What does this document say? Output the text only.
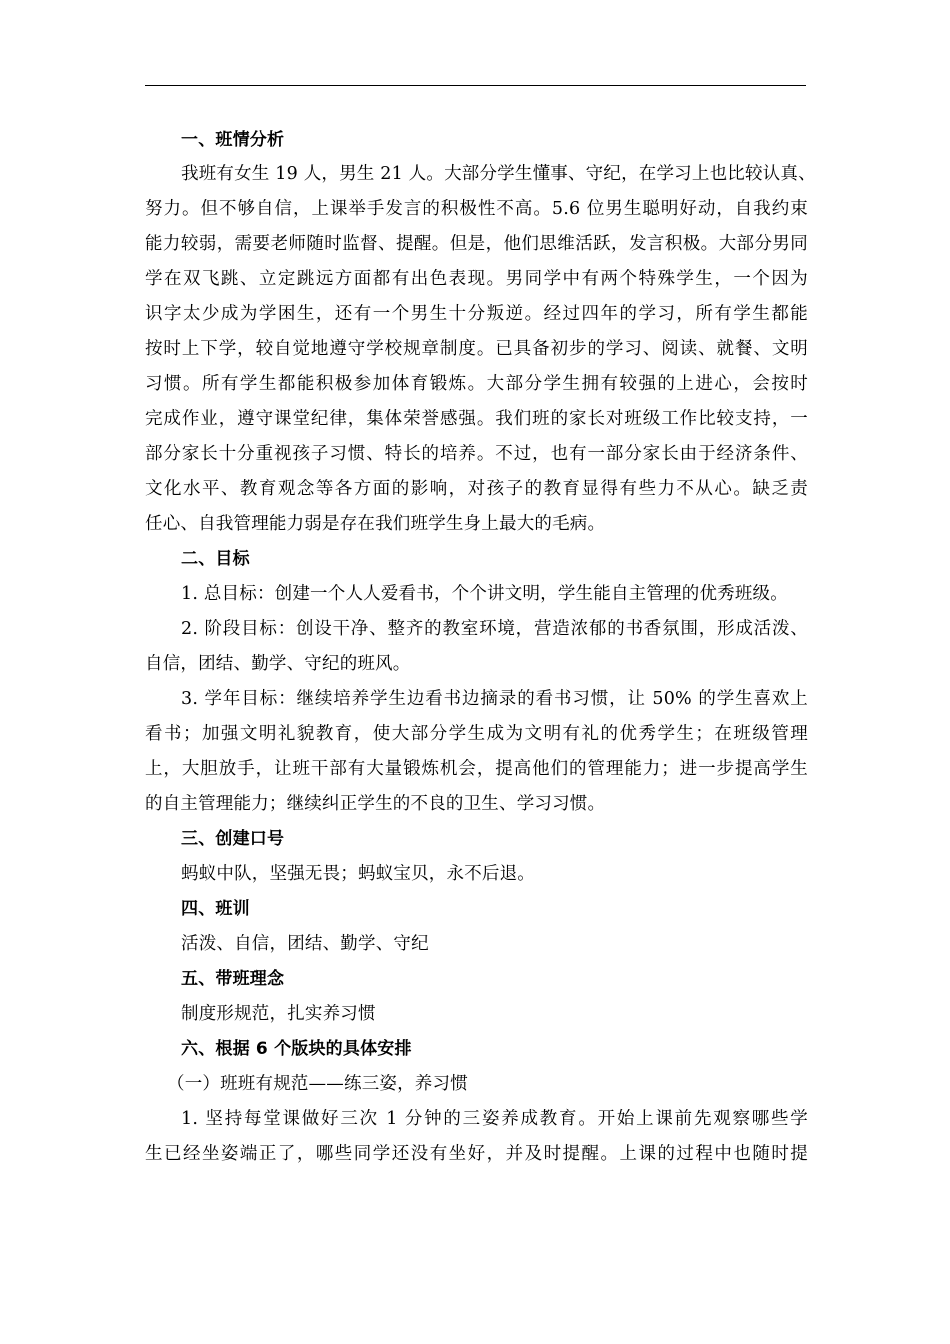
一、班情分析
我班有女生 19 人，男生 21 人。大部分学生懂事、守纪，在学习上也比较认真、
努力。但不够自信，上课举手发言的积极性不高。5.6 位男生聪明好动，自我约束
能力较弱，需要老师随时监督、提醒。但是，他们思维活跃，发言积极。大部分男同
学在双飞跳、立定跳远方面都有出色表现。男同学中有两个特殊学生，一个因为
识字太少成为学困生，还有一个男生十分叛逆。经过四年的学习，所有学生都能
按时上下学，较自觉地遵守学校规章制度。已具备初步的学习、阅读、就餐、文明
习惯。所有学生都能积极参加体育锻炼。大部分学生拥有较强的上进心，会按时
完成作业，遵守课堂纪律，集体荣誉感强。我们班的家长对班级工作比较支持，一
部分家长十分重视孩子习惯、特长的培养。不过，也有一部分家长由于经济条件、
文化水平、教育观念等各方面的影响，对孩子的教育显得有些力不从心。缺乏责
任心、自我管理能力弱是存在我们班学生身上最大的毛病。
二、目标
1. 总目标：创建一个人人爱看书，个个讲文明，学生能自主管理的优秀班级。
2. 阶段目标：创设干净、整齐的教室环境，营造浓郁的书香氛围，形成活泼、
自信，团结、勤学、守纪的班风。
3. 学年目标：继续培养学生边看书边摘录的看书习惯，让 50% 的学生喜欢上
看书；加强文明礼貌教育，使大部分学生成为文明有礼的优秀学生；在班级管理
上，大胆放手，让班干部有大量锻炼机会，提高他们的管理能力；进一步提高学生
的自主管理能力；继续纠正学生的不良的卫生、学习习惯。
三、创建口号
蚂蚁中队，坚强无畏；蚂蚁宝贝，永不后退。
四、班训
活泼、自信，团结、勤学、守纪
五、带班理念
制度形规范，扎实养习惯
六、根据 6 个版块的具体安排
（一）班班有规范——练三姿，养习惯
1. 坚持每堂课做好三次 1 分钟的三姿养成教育。开始上课前先观察哪些学
生已经坐姿端正了，哪些同学还没有坐好，并及时提醒。上课的过程中也随时提
